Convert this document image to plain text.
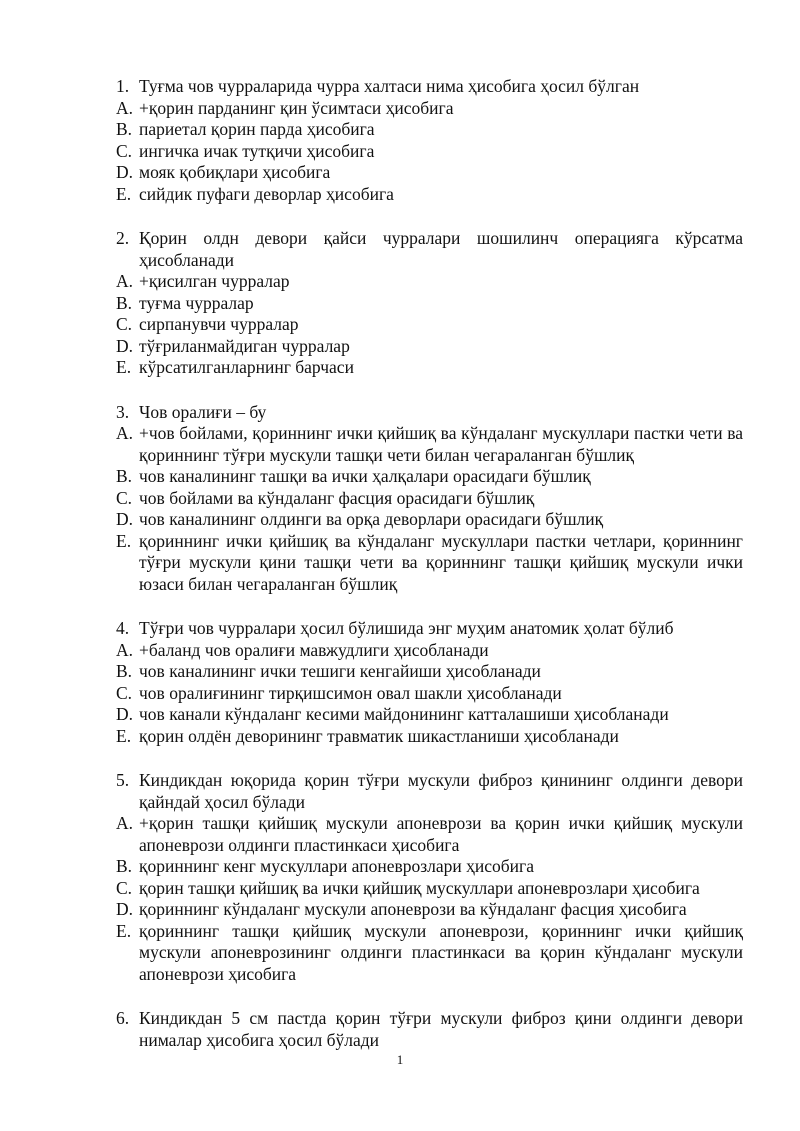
1. Туғма чов чурраларида чурра халтаси нима ҳисобига ҳосил бўлган
A. +қорин парданинг қин ўсимтаси ҳисобига
B. париетал қорин парда ҳисобига
C. ингичка ичак тутқичи ҳисобига
D. мояк қобиқлари ҳисобига
E. сийдик пуфаги деворлар ҳисобига
2. Қорин олдн девори қайси чурралари шошилинч операцияга кўрсатма ҳисобланади
A. +қисилган чурралар
B. туғма чурралар
C. сирпанувчи чурралар
D. тўғриланмайдиган чурралар
E. кўрсатилганларнинг барчаси
3. Чов оралиғи – бу
A. +чов бойлами, қориннинг ички қийшиқ ва кўндаланг мускуллари пастки чети ва қориннинг тўғри мускули ташқи чети билан чегараланган бўшлиқ
B. чов каналининг ташқи ва ички ҳалқалари орасидаги бўшлиқ
C. чов бойлами ва кўндаланг фасция орасидаги бўшлиқ
D. чов каналининг олдинги ва орқа деворлари орасидаги бўшлиқ
E. қориннинг ички қийшиқ ва кўндаланг мускуллари пастки четлари, қориннинг тўғри мускули қини ташқи чети ва қориннинг ташқи қийшиқ мускули ички юзаси билан чегараланган бўшлиқ
4. Тўғри чов чурралари ҳосил бўлишида энг муҳим анатомик ҳолат бўлиб
A. +баланд чов оралиғи мавжудлиги ҳисобланади
B. чов каналининг ички тешиги кенгайиши ҳисобланади
C. чов оралиғининг тирқишсимон овал шакли ҳисобланади
D. чов канали кўндаланг кесими майдонининг катталашиши ҳисобланади
E. қорин олдён деворининг травматик шикастланиши ҳисобланади
5. Киндикдан юқорида қорин тўғри мускули фиброз қинининг олдинги девори қайндай ҳосил бўлади
A. +қорин ташқи қийшиқ мускули апоневрози ва қорин ички қийшиқ мускули апоневрози олдинги пластинкаси ҳисобига
B. қориннинг кенг мускуллари апоневрозлари ҳисобига
C. қорин ташқи қийшиқ ва ички қийшиқ мускуллари апоневрозлари ҳисобига
D. қориннинг кўндаланг мускули апоневрози ва кўндаланг фасция ҳисобига
E. қориннинг ташқи қийшиқ мускули апоневрози, қориннинг ички қийшиқ мускули апоневрозининг олдинги пластинкаси ва қорин кўндаланг мускули апоневрози ҳисобига
6. Киндикдан 5 см пастда қорин тўғри мускули фиброз қини олдинги девори нималар ҳисобига ҳосил бўлади
1
